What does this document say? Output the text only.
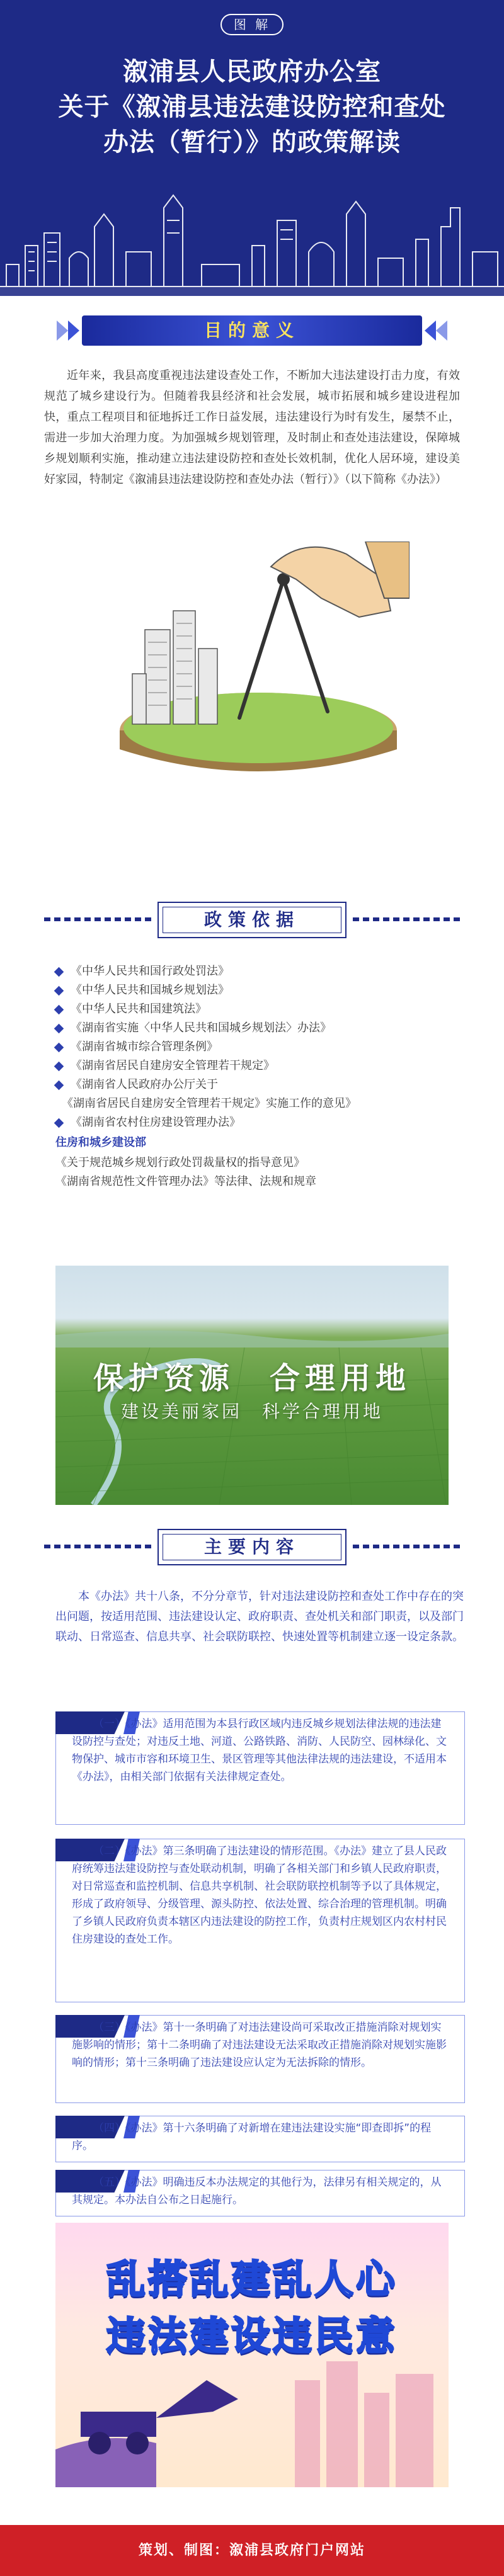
图 解
溆浦县人民政府办公室
关于《溆浦县违法建设防控和查处
办法（暂行）》的政策解读
目的意义
近年来，我县高度重视违法建设查处工作，不断加大违法建设打击力度，有效规范了城乡建设行为。但随着我县经济和社会发展，城市拓展和城乡建设进程加快，重点工程项目和征地拆迁工作日益发展，违法建设行为时有发生，屡禁不止，需进一步加大治理力度。为加强城乡规划管理，及时制止和查处违法建设，保障城乡规划顺利实施，推动建立违法建设防控和查处长效机制，优化人居环境，建设美好家园，特制定《溆浦县违法建设防控和查处办法（暂行）》（以下简称《办法》）
政策依据
《中华人民共和国行政处罚法》
《中华人民共和国城乡规划法》
《中华人民共和国建筑法》
《湖南省实施〈中华人民共和国城乡规划法〉办法》
《湖南省城市综合管理条例》
《湖南省居民自建房安全管理若干规定》
《湖南省人民政府办公厅关于
《湖南省居民自建房安全管理若干规定》实施工作的意见》
《湖南省农村住房建设管理办法》
住房和城乡建设部
《关于规范城乡规划行政处罚裁量权的指导意见》
《湖南省规范性文件管理办法》等法律、法规和规章
保护资源　合理用地
建设美丽家园　科学合理用地
主要内容
本《办法》共十八条，不分分章节，针对违法建设防控和查处工作中存在的突出问题，按适用范围、违法建设认定、政府职责、查处机关和部门职责，以及部门联动、日常巡查、信息共享、社会联防联控、快速处置等机制建立逐一设定条款。
（一）《办法》适用范围为本县行政区域内违反城乡规划法律法规的违法建设防控与查处；对违反土地、河道、公路铁路、消防、人民防空、园林绿化、文物保护、城市市容和环境卫生、景区管理等其他法律法规的违法建设，不适用本《办法》，由相关部门依据有关法律规定查处。
（二）《办法》第三条明确了违法建设的情形范围。《办法》建立了县人民政府统筹违法建设防控与查处联动机制，明确了各相关部门和乡镇人民政府职责，对日常巡查和监控机制、信息共享机制、社会联防联控机制等予以了具体规定，形成了政府领导、分级管理、源头防控、依法处置、综合治理的管理机制。明确了乡镇人民政府负责本辖区内违法建设的防控工作，负责村庄规划区内农村村民住房建设的查处工作。
（三）《办法》第十一条明确了对违法建设尚可采取改正措施消除对规划实施影响的情形；第十二条明确了对违法建设无法采取改正措施消除对规划实施影响的情形；第十三条明确了违法建设应认定为无法拆除的情形。
（四）《办法》第十六条明确了对新增在建违法建设实施“即查即拆”的程序。
（五）《办法》明确违反本办法规定的其他行为，法律另有相关规定的，从其规定。本办法自公布之日起施行。
乱搭乱建乱人心
违法建设违民意
策划、制图：溆浦县政府门户网站
